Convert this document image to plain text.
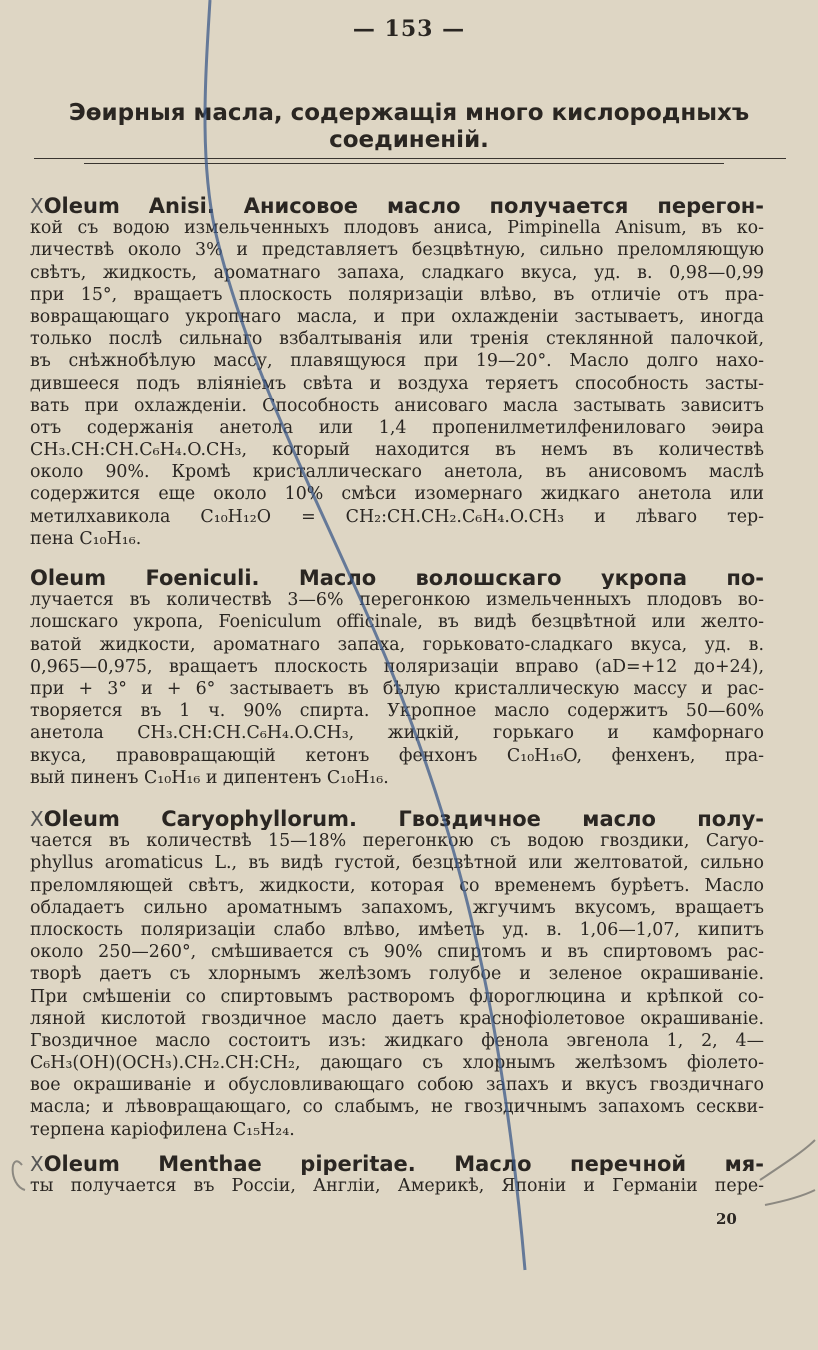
— 153 —
Эѳирныя масла, содержащія много кислородныхъ соединеній.
XOleum Anisi. Анисовое масло получается перегон-
кой съ водою измельченныхъ плодовъ аниса, Pimpinella Anisum, въ ко-
личествѣ около 3% и представляетъ безцвѣтную, сильно преломляющую
свѣтъ, жидкость, ароматнаго запаха, сладкаго вкуса, уд. в. 0,98—0,99
при 15°, вращаетъ плоскость поляризаціи влѣво, въ отличіе отъ пра-
вовращающаго укропнаго масла, и при охлажденіи застываетъ, иногда
только послѣ сильнаго взбалтыванія или тренія стеклянной палочкой,
въ снѣжнобѣлую массу, плавящуюся при 19—20°. Масло долго нахо-
дившееся подъ вліяніемъ свѣта и воздуха теряетъ способность засты-
вать при охлажденіи. Способность анисоваго масла застывать зависитъ
отъ содержанія анетола или 1,4 пропенилметилфениловаго эѳира
CH₃.CH:CH.C₆H₄.O.CH₃, который находится въ немъ въ количествѣ
около 90%. Кромѣ кристаллическаго анетола, въ анисовомъ маслѣ
содержится еще около 10% смѣси изомернаго жидкаго анетола или
метилхавикола C₁₀H₁₂O = CH₂:CH.CH₂.C₆H₄.O.CH₃ и лѣваго тер-
пена C₁₀H₁₆.
Oleum Foeniculi. Масло волошскаго укропа по-
лучается въ количествѣ 3—6% перегонкою измельченныхъ плодовъ во-
лошскаго укропа, Foeniculum officinale, въ видѣ безцвѣтной или желто-
ватой жидкости, ароматнаго запаха, горьковато-сладкаго вкуса, уд. в.
0,965—0,975, вращаетъ плоскость поляризаціи вправо (aD=+12 до+24),
при + 3° и + 6° застываетъ въ бѣлую кристаллическую массу и рас-
творяется въ 1 ч. 90% спирта. Укропное масло содержитъ 50—60%
анетола CH₃.CH:CH.C₆H₄.O.CH₃, жидкій, горькаго и камфорнаго
вкуса, правовращающій кетонъ фенхонъ C₁₀H₁₆O, фенхенъ, пра-
вый пиненъ C₁₀H₁₆ и дипентенъ C₁₀H₁₆.
XOleum Caryophyllorum. Гвоздичное масло полу-
чается въ количествѣ 15—18% перегонкою съ водою гвоздики, Caryo-
phyllus aromaticus L., въ видѣ густой, безцвѣтной или желтоватой, сильно
преломляющей свѣтъ, жидкости, которая со временемъ бурѣетъ. Масло
обладаетъ сильно ароматнымъ запахомъ, жгучимъ вкусомъ, вращаетъ
плоскость поляризаціи слабо влѣво, имѣетъ уд. в. 1,06—1,07, кипитъ
около 250—260°, смѣшивается съ 90% спиртомъ и въ спиртовомъ рас-
творѣ даетъ съ хлорнымъ желѣзомъ голубое и зеленое окрашиваніе.
При смѣшеніи со спиртовымъ растворомъ флороглюцина и крѣпкой со-
ляной кислотой гвоздичное масло даетъ краснофіолетовое окрашиваніе.
Гвоздичное масло состоитъ изъ: жидкаго фенола эвгенола 1, 2, 4—
C₆H₃(OH)(OCH₃).CH₂.CH:CH₂, дающаго съ хлорнымъ желѣзомъ фіолето-
вое окрашиваніе и обусловливающаго собою запахъ и вкусъ гвоздичнаго
масла; и лѣвовращающаго, со слабымъ, не гвоздичнымъ запахомъ сескви-
терпена каріофилена C₁₅H₂₄.
XOleum Menthae piperitae. Масло перечной мя-
ты получается въ Россіи, Англіи, Америкѣ, Японіи и Германіи пере-
20
